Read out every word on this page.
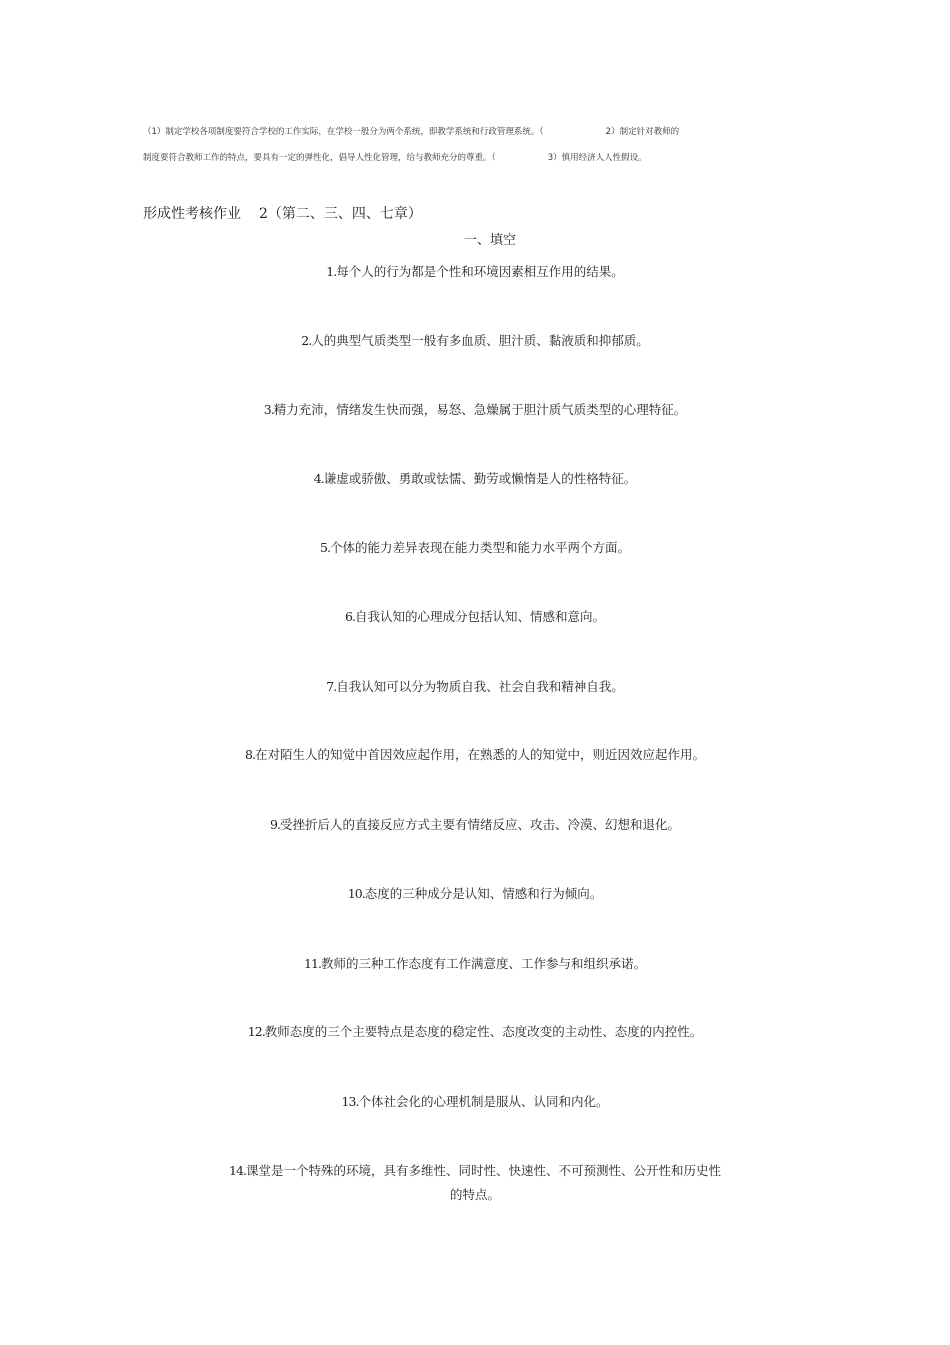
（1）制定学校各项制度要符合学校的工作实际，在学校一般分为两个系统，即教学系统和行政管理系统。（	2）制定针对教师的
制度要符合教师工作的特点，要具有一定的弹性化，倡导人性化管理，给与教师充分的尊重。（	3）慎用经济人人性假设。
形成性考核作业 2（第二、三、四、七章）
一、填空
1.每个人的行为都是个性和环境因素相互作用的结果。
2.人的典型气质类型一般有多血质、胆汁质、黏液质和抑郁质。
3.精力充沛，情绪发生快而强，易怒、急燥属于胆汁质气质类型的心理特征。
4.谦虚或骄傲、勇敢或怯懦、勤劳或懒惰是人的性格特征。
5.个体的能力差异表现在能力类型和能力水平两个方面。
6.自我认知的心理成分包括认知、情感和意向。
7.自我认知可以分为物质自我、社会自我和精神自我。
8.在对陌生人的知觉中首因效应起作用，在熟悉的人的知觉中，则近因效应起作用。
9.受挫折后人的直接反应方式主要有情绪反应、攻击、冷漠、幻想和退化。
10.态度的三种成分是认知、情感和行为倾向。
11.教师的三种工作态度有工作满意度、工作参与和组织承诺。
12.教师态度的三个主要特点是态度的稳定性、态度改变的主动性、态度的内控性。
13.个体社会化的心理机制是服从、认同和内化。
14.课堂是一个特殊的环境，具有多维性、同时性、快速性、不可预测性、公开性和历史性
的特点。
